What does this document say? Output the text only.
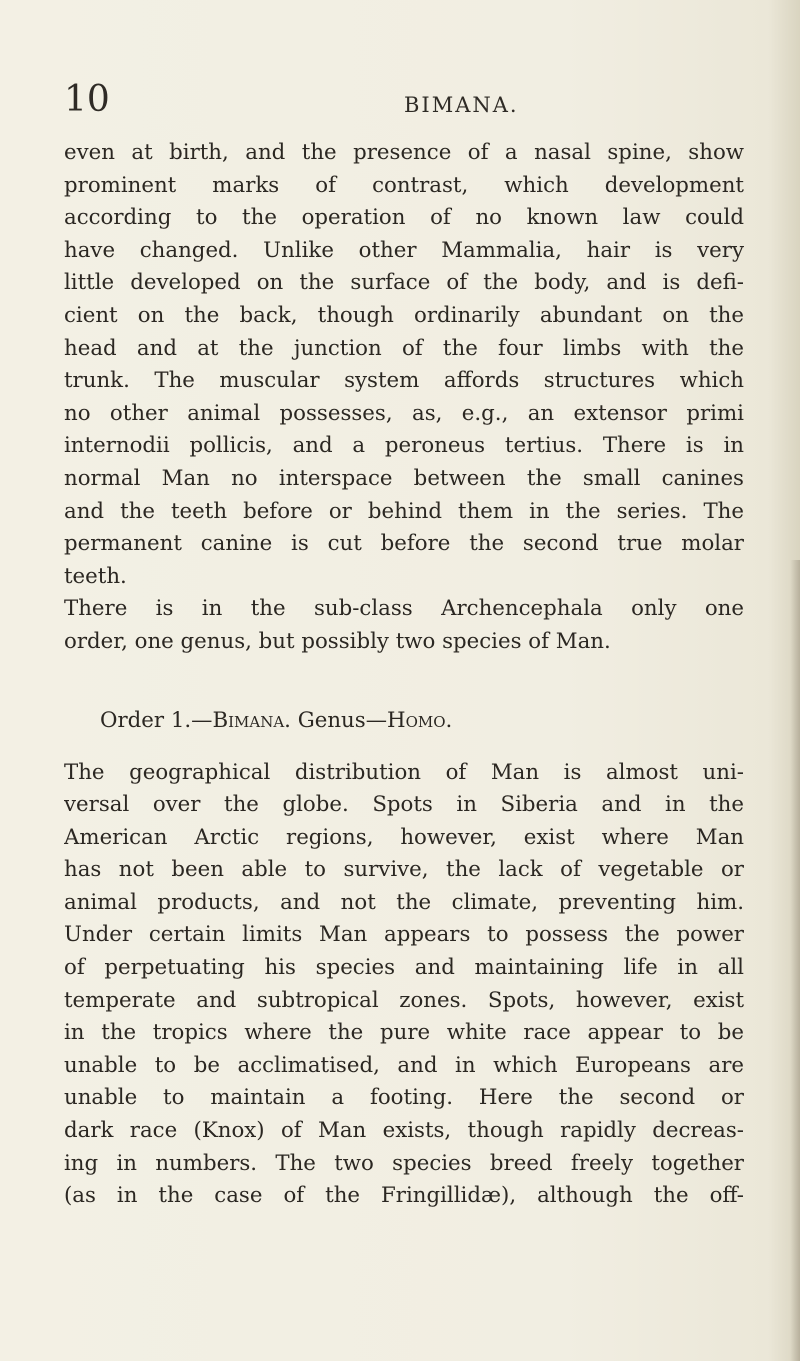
10	BIMANA.
even at birth, and the presence of a nasal spine, show
prominent marks of contrast, which development
according to the operation of no known law could
have changed. Unlike other Mammalia, hair is very
little developed on the surface of the body, and is defi-
cient on the back, though ordinarily abundant on the
head and at the junction of the four limbs with the
trunk. The muscular system affords structures which
no other animal possesses, as, e.g., an extensor primi
internodii pollicis, and a peroneus tertius. There is in
normal Man no interspace between the small canines
and the teeth before or behind them in the series. The
permanent canine is cut before the second true molar
teeth.
There is in the sub-class Archencephala only one
order, one genus, but possibly two species of Man.
Order 1.—Bimana. Genus—Homo.
The geographical distribution of Man is almost uni-
versal over the globe. Spots in Siberia and in the
American Arctic regions, however, exist where Man
has not been able to survive, the lack of vegetable or
animal products, and not the climate, preventing him.
Under certain limits Man appears to possess the power
of perpetuating his species and maintaining life in all
temperate and subtropical zones. Spots, however, exist
in the tropics where the pure white race appear to be
unable to be acclimatised, and in which Europeans are
unable to maintain a footing. Here the second or
dark race (Knox) of Man exists, though rapidly decreas-
ing in numbers. The two species breed freely together
(as in the case of the Fringillidæ), although the off-
